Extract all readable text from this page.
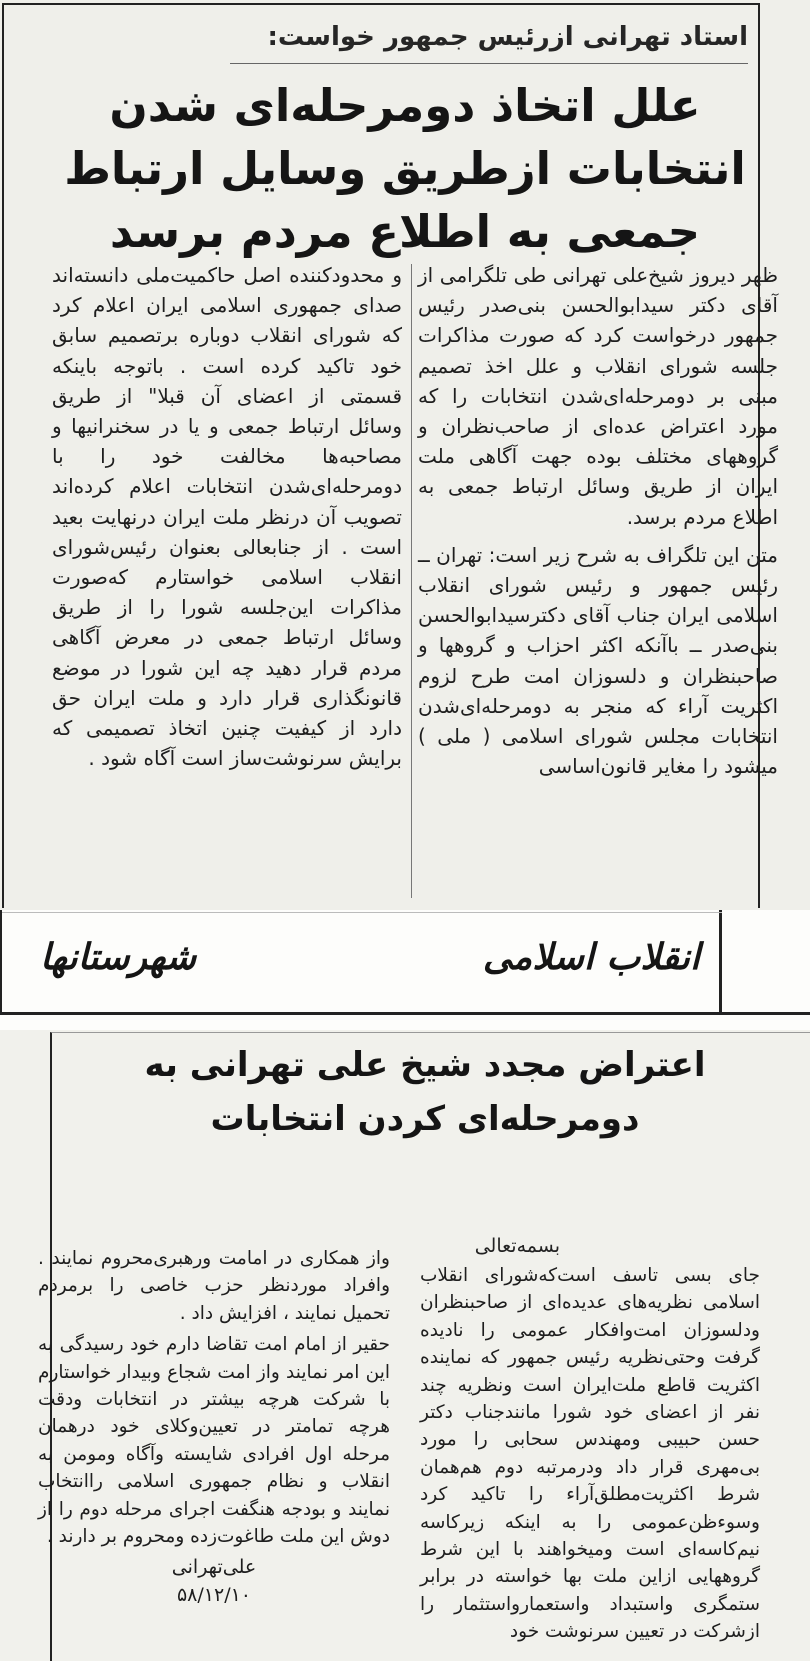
استاد تهرانی ازرئیس جمهور خواست:
علل اتخاذ دومرحله‌ای شدن انتخابات ازطریق وسایل ارتباط جمعی به اطلاع مردم برسد

ظهر دیروز شیخ‌علی تهرانی طی تلگرامی از آقای دکتر سیدابوالحسن بنی‌صدر رئیس جمهور درخواست کرد که صورت مذاکرات جلسه شورای انقلاب و علل اخذ تصمیم مبنی بر دومرحله‌ای‌شدن انتخابات را که مورد اعتراض عده‌ای از صاحب‌نظران و گروههای مختلف بوده جهت آگاهی ملت ایران از طریق وسائل ارتباط جمعی به اطلاع مردم برسد.

متن این تلگراف به شرح زیر است: تهران ــ رئیس جمهور و رئیس شورای انقلاب اسلامی ایران جناب آقای دکترسیدابوالحسن بنی‌صدر ــ باآنکه اکثر احزاب و گروهها و صاحبنظران و دلسوزان امت طرح لزوم اکثریت آراء که منجر به دومرحله‌ای‌شدن انتخابات مجلس شورای اسلامی ( ملی ) میشود را مغایر قانون‌اساسی

و محدودکننده اصل حاکمیت‌ملی دانسته‌اند صدای جمهوری اسلامی ایران اعلام کرد که شورای انقلاب دوباره برتصمیم سابق خود تاکید کرده است . باتوجه باینکه قسمتی از اعضای آن قبلا" از طریق وسائل ارتباط جمعی و یا در سخنرانیها و مصاحبه‌ها مخالفت خود را با دومرحله‌ای‌شدن انتخابات اعلام کرده‌اند تصویب آن درنظر ملت ایران درنهایت بعید است . از جنابعالی بعنوان رئیس‌شورای انقلاب اسلامی خواستارم که‌صورت مذاکرات این‌جلسه شورا را از طریق وسائل ارتباط جمعی در معرض آگاهی مردم قرار دهید چه این شورا در موضع قانونگذاری قرار دارد و ملت ایران حق دارد از کیفیت چنین اتخاذ تصمیمی که برایش سرنوشت‌ساز است آگاه شود .

انقلاب اسلامی
شهرستانها
اعتراض مجدد شیخ علی تهرانی به دومرحله‌ای کردن انتخابات
بسمه‌تعالی

جای بسی تاسف است‌که‌شورای انقلاب اسلامی نظریه‌های عدیده‌ای از صاحبنظران ودلسوزان امت‌وافکار عمومی را نادیده گرفت وحتی‌نظریه رئیس جمهور که نماینده اکثریت قاطع ملت‌ایران است ونظریه چند نفر از اعضای خود شورا مانندجناب دکتر حسن حبیبی ومهندس سحابی را مورد بی‌مهری قرار داد ودرمرتبه دوم هم‌همان شرط اکثریت‌مطلق‌آراء را تاکید کرد وسوءظن‌عمومی را به اینکه زیرکاسه نیم‌کاسه‌ای است ومیخواهند با این شرط گروههایی ازاین ملت بها خواسته در برابر ستمگری واستبداد واستعماروا‌ستثمار را ازشرکت در تعیین سرنوشت خود

واز همکاری در امامت ورهبری‌محروم نمایند . وافراد موردنظر حزب خاصی را برمردم تحمیل نمایند ، افزایش داد .

حقیر از امام امت تقاضا دارم خود رسیدگی به این امر نمایند واز امت شجاع وبیدار خواستارم با شرکت هرچه بیشتر در انتخابات ودقت هرچه تمامتر در تعیین‌وکلای خود درهمان مرحله اول افرادی شایسته وآگاه ومومن به انقلاب و نظام جمهوری اسلامی راانتخاب نمایند و بودجه هنگفت اجرای مرحله دوم را از دوش این ملت طاغوت‌زده ومحروم بر دارند .

علی‌تهرانی
۵۸/۱۲/۱۰
